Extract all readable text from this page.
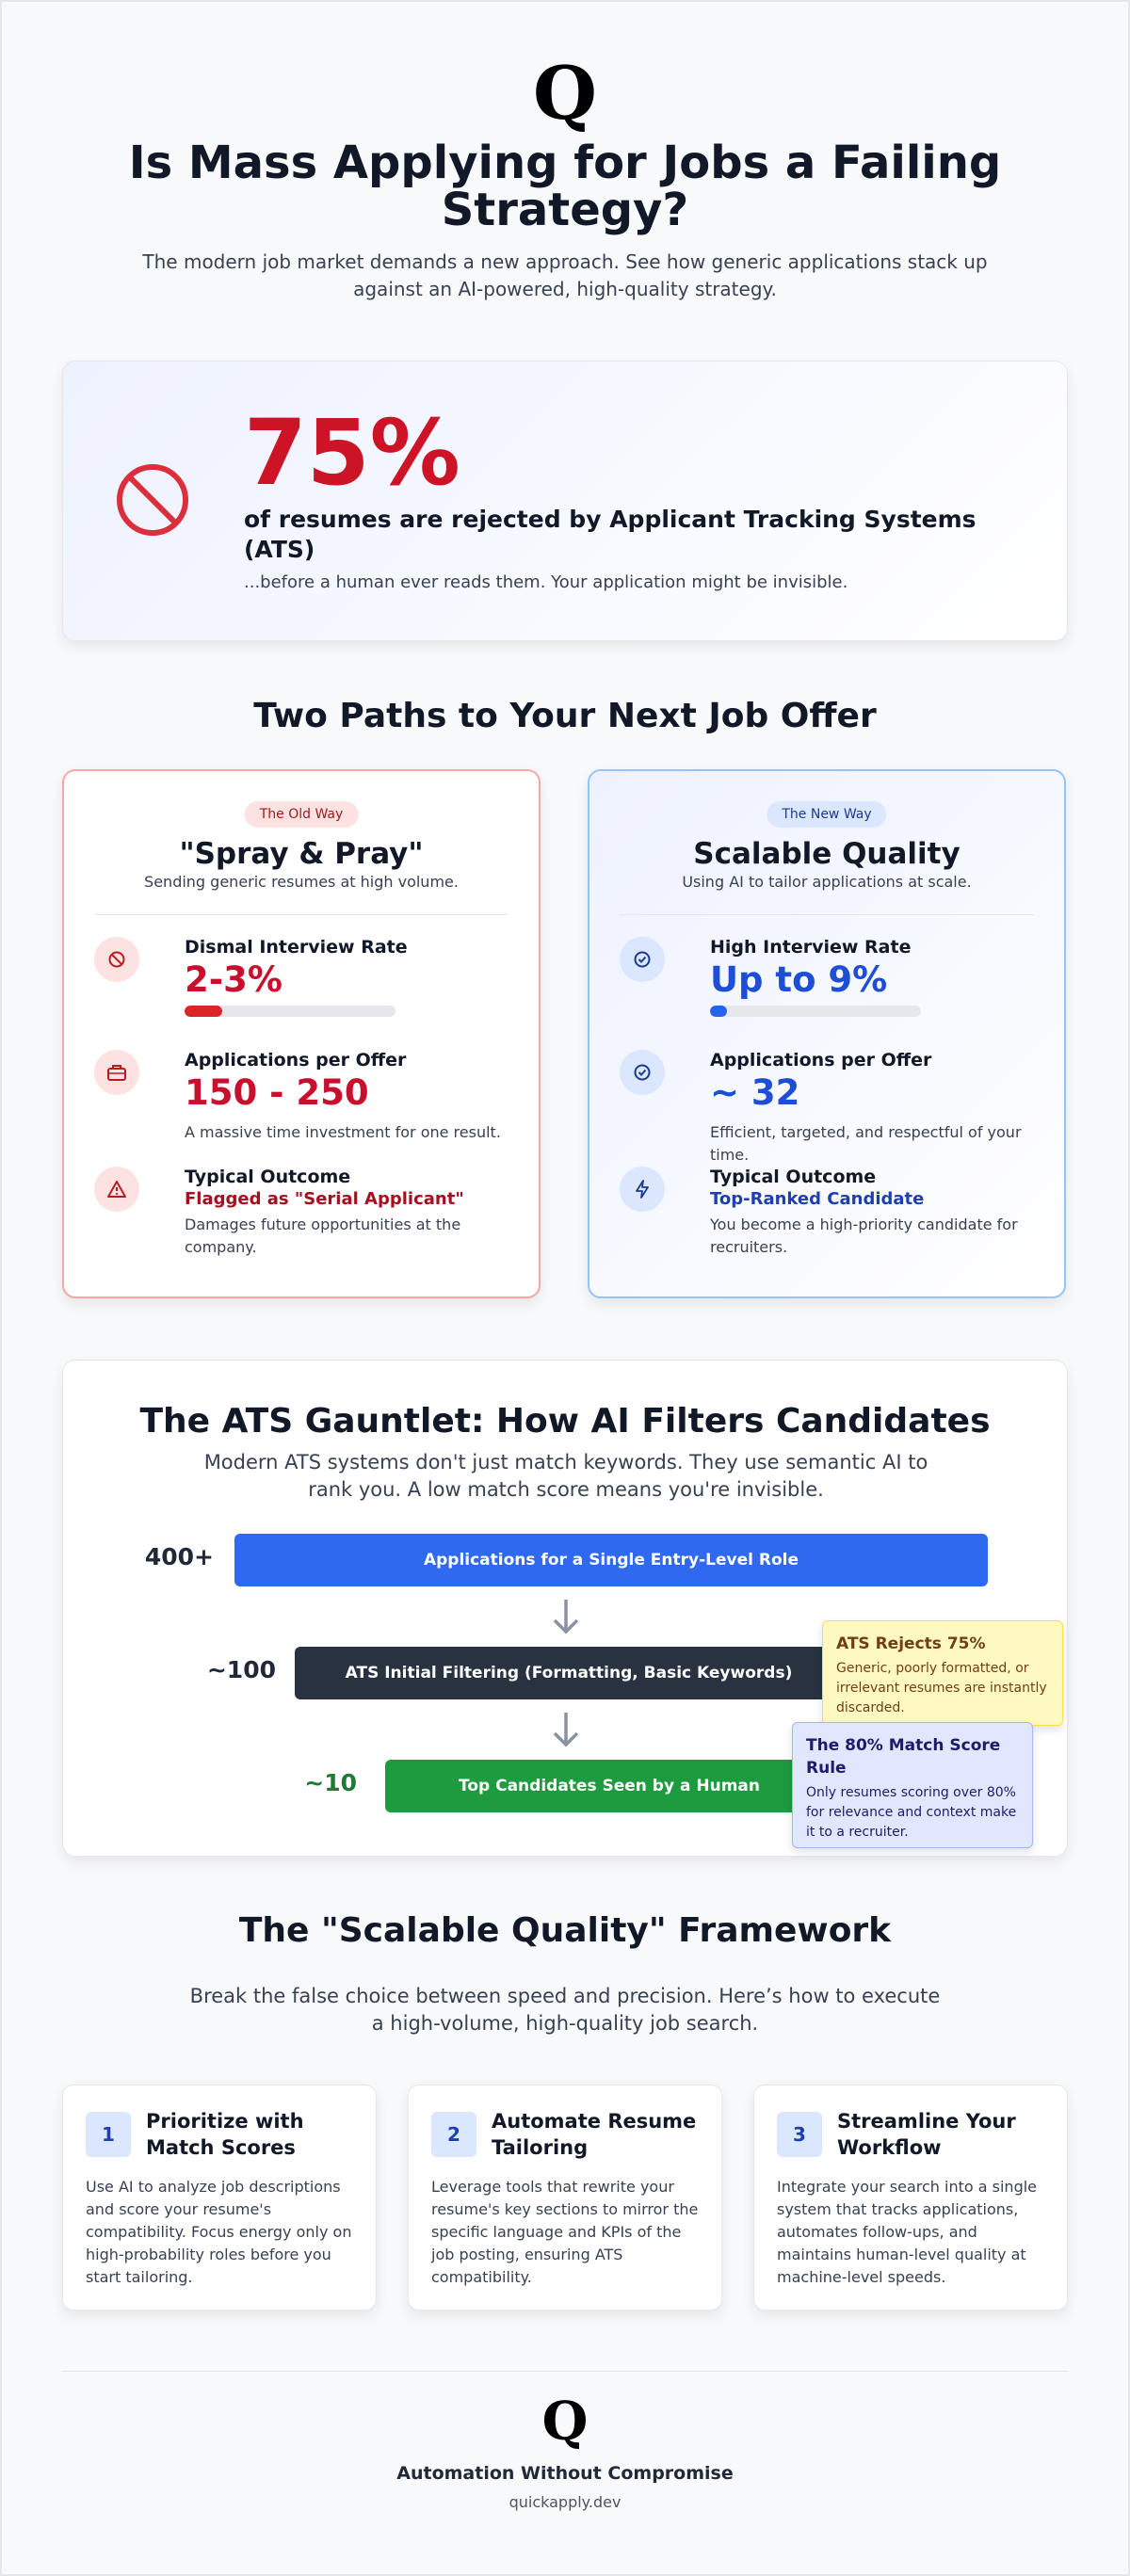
Q
Is Mass Applying for Jobs a Failing Strategy?

The modern job market demands a new approach. See how generic applications stack up against an AI-powered, high-quality strategy.

75%
of resumes are rejected by Applicant Tracking Systems (ATS)
...before a human ever reads them. Your application might be invisible.
Two Paths to Your Next Job Offer
The Old Way
"Spray & Pray"
Sending generic resumes at high volume.
Dismal Interview Rate
2-3%
Applications per Offer
150 - 250
A massive time investment for one result.
Typical Outcome
Flagged as "Serial Applicant"
Damages future opportunities at the company.
The New Way
Scalable Quality
Using AI to tailor applications at scale.
High Interview Rate
Up to 9%
Applications per Offer
~ 32
Efficient, targeted, and respectful of your time.
Typical Outcome
Top-Ranked Candidate
You become a high-priority candidate for recruiters.
The ATS Gauntlet: How AI Filters Candidates
Modern ATS systems don't just match keywords. They use semantic AI to rank you. A low match score means you're invisible.
400+	Applications for a Single Entry-Level Role
~100	ATS Initial Filtering (Formatting, Basic Keywords)
~10	Top Candidates Seen by a Human
ATS Rejects 75%
Generic, poorly formatted, or irrelevant resumes are instantly discarded.
The 80% Match Score Rule
Only resumes scoring over 80% for relevance and context make it to a recruiter.
The "Scalable Quality" Framework

Break the false choice between speed and precision. Here’s how to execute a high-volume, high-quality job search.

1
Prioritize with Match Scores
Use AI to analyze job descriptions and score your resume's compatibility. Focus energy only on high-probability roles before you start tailoring.
2
Automate Resume Tailoring
Leverage tools that rewrite your resume's key sections to mirror the specific language and KPIs of the job posting, ensuring ATS compatibility.
3
Streamline Your Workflow
Integrate your search into a single system that tracks applications, automates follow-ups, and maintains human-level quality at machine-level speeds.
Q
Automation Without Compromise
quickapply.dev
